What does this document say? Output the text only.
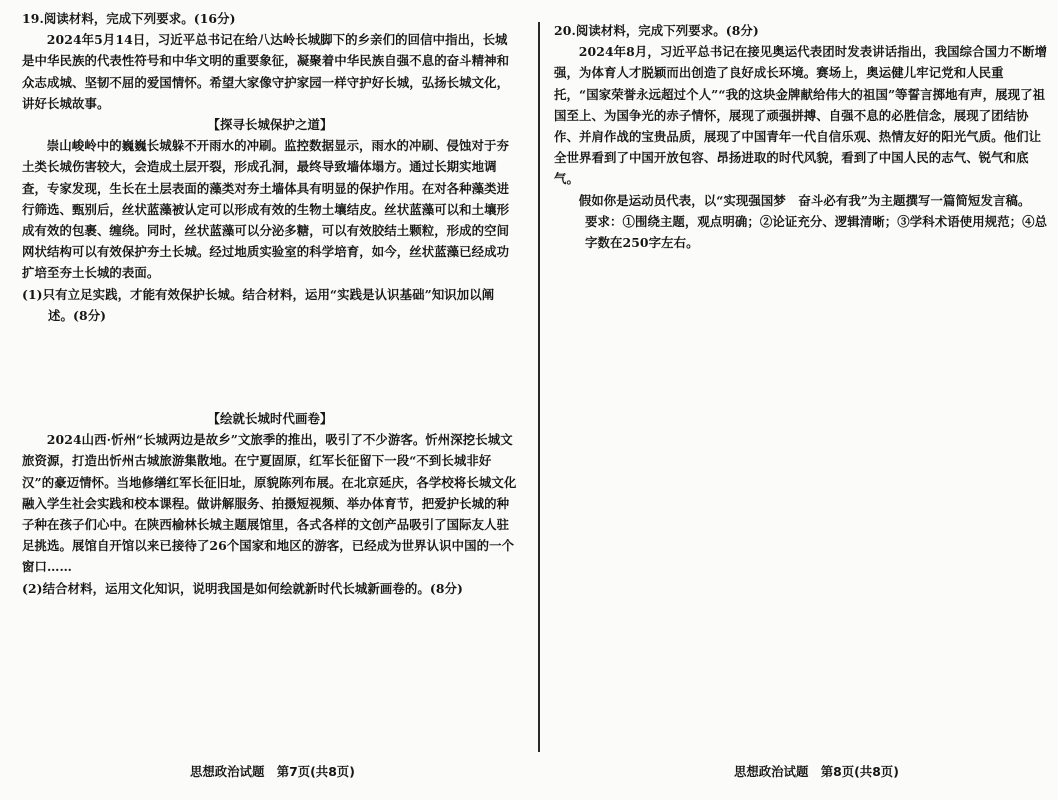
19.阅读材料，完成下列要求。(16分)

2024年5月14日，习近平总书记在给八达岭长城脚下的乡亲们的回信中指出，长城是中华民族的代表性符号和中华文明的重要象征，凝聚着中华民族自强不息的奋斗精神和众志成城、坚韧不屈的爱国情怀。希望大家像守护家园一样守护好长城，弘扬长城文化，讲好长城故事。

【探寻长城保护之道】

崇山峻岭中的巍巍长城躲不开雨水的冲刷。监控数据显示，雨水的冲刷、侵蚀对于夯土类长城伤害较大，会造成土层开裂，形成孔洞，最终导致墙体塌方。通过长期实地调查，专家发现，生长在土层表面的藻类对夯土墙体具有明显的保护作用。在对各种藻类进行筛选、甄别后，丝状蓝藻被认定可以形成有效的生物土壤结皮。丝状蓝藻可以和土壤形成有效的包裹、缠绕。同时，丝状蓝藻可以分泌多糖，可以有效胶结土颗粒，形成的空间网状结构可以有效保护夯土长城。经过地质实验室的科学培育，如今，丝状蓝藻已经成功扩培至夯土长城的表面。

(1)只有立足实践，才能有效保护长城。结合材料，运用“实践是认识基础”知识加以阐述。(8分)

【绘就长城时代画卷】

2024山西·忻州“长城两边是故乡”文旅季的推出，吸引了不少游客。忻州深挖长城文旅资源，打造出忻州古城旅游集散地。在宁夏固原，红军长征留下一段“不到长城非好汉”的豪迈情怀。当地修缮红军长征旧址，原貌陈列布展。在北京延庆，各学校将长城文化融入学生社会实践和校本课程。做讲解服务、拍摄短视频、举办体育节，把爱护长城的种子种在孩子们心中。在陕西榆林长城主题展馆里，各式各样的文创产品吸引了国际友人驻足挑选。展馆自开馆以来已接待了26个国家和地区的游客，已经成为世界认识中国的一个窗口……

(2)结合材料，运用文化知识，说明我国是如何绘就新时代长城新画卷的。(8分)

思想政治试题　第7页(共8页)

20.阅读材料，完成下列要求。(8分)

2024年8月，习近平总书记在接见奥运代表团时发表讲话指出，我国综合国力不断增强，为体育人才脱颖而出创造了良好成长环境。赛场上，奥运健儿牢记党和人民重托，“国家荣誉永远超过个人”“我的这块金牌献给伟大的祖国”等誓言掷地有声，展现了祖国至上、为国争光的赤子情怀，展现了顽强拼搏、自强不息的必胜信念，展现了团结协作、并肩作战的宝贵品质，展现了中国青年一代自信乐观、热情友好的阳光气质。他们让全世界看到了中国开放包容、昂扬进取的时代风貌，看到了中国人民的志气、锐气和底气。

假如你是运动员代表，以“实现强国梦　奋斗必有我”为主题撰写一篇简短发言稿。

要求：①围绕主题，观点明确；②论证充分、逻辑清晰；③学科术语使用规范；④总字数在250字左右。

思想政治试题　第8页(共8页)
